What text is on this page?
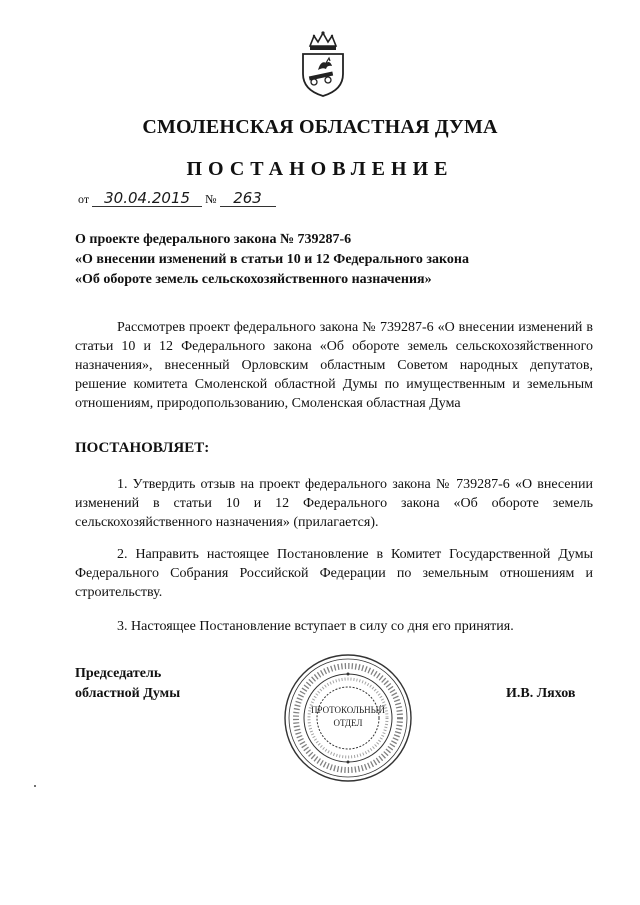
СМОЛЕНСКАЯ ОБЛАСТНАЯ ДУМА
ПОСТАНОВЛЕНИЕ
от 30.04.2015 № 263
О проекте федерального закона № 739287-6
«О внесении изменений в статьи 10 и 12 Федерального закона
«Об обороте земель сельскохозяйственного назначения»
Рассмотрев проект федерального закона № 739287-6 «О внесении изменений в статьи 10 и 12 Федерального закона «Об обороте земель сельскохозяйственного назначения», внесенный Орловским областным Советом народных депутатов, решение комитета Смоленской областной Думы по имущественным и земельным отношениям, природопользованию, Смоленская областная Дума
ПОСТАНОВЛЯЕТ:
1. Утвердить отзыв на проект федерального закона № 739287-6 «О внесении изменений в статьи 10 и 12 Федерального закона «Об обороте земель сельскохозяйственного назначения» (прилагается).
2. Направить настоящее Постановление в Комитет Государственной Думы Федерального Собрания Российской Федерации по земельным отношениям и строительству.
3. Настоящее Постановление вступает в силу со дня его принятия.
Председатель
областной Думы
ПРОТОКОЛЬНЫЙ
ОТДЕЛ
И.В. Ляхов
